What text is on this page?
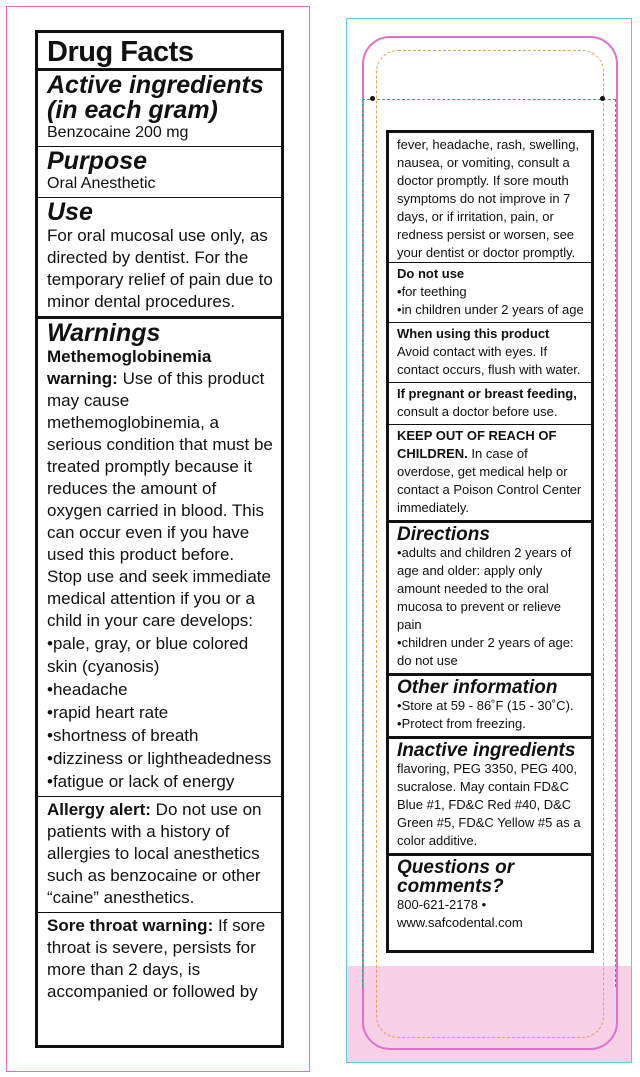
Drug Facts
Active ingredients (in each gram)
Benzocaine 200 mg
Purpose
Oral Anesthetic
Use
For oral mucosal use only, as directed by dentist. For the temporary relief of pain due to minor dental procedures.
Warnings
Methemoglobinemia warning: Use of this product may cause methemoglobinemia, a serious condition that must be treated promptly because it reduces the amount of oxygen carried in blood. This can occur even if you have used this product before. Stop use and seek immediate medical attention if you or a child in your care develops:
• pale, gray, or blue colored skin (cyanosis)
• headache
• rapid heart rate
• shortness of breath
• dizziness or lightheadedness
• fatigue or lack of energy
Allergy alert: Do not use on patients with a history of allergies to local anesthetics such as benzocaine or other “caine” anesthetics.
Sore throat warning: If sore throat is severe, persists for more than 2 days, is accompanied or followed by
fever, headache, rash, swelling, nausea, or vomiting, consult a doctor promptly. If sore mouth symptoms do not improve in 7 days, or if irritation, pain, or redness persist or worsen, see your dentist or doctor promptly.
Do not use
• for teething
• in children under 2 years of age
When using this product
Avoid contact with eyes. If contact occurs, flush with water.
If pregnant or breast feeding, consult a doctor before use.
KEEP OUT OF REACH OF CHILDREN. In case of overdose, get medical help or contact a Poison Control Center immediately.
Directions
• adults and children 2 years of age and older: apply only amount needed to the oral mucosa to prevent or relieve pain
• children under 2 years of age: do not use
Other information
• Store at 59 - 86˚F (15 - 30˚C).
• Protect from freezing.
Inactive ingredients
flavoring, PEG 3350, PEG 400, sucralose. May contain FD&C Blue #1, FD&C Red #40, D&C Green #5, FD&C Yellow #5 as a color additive.
Questions or comments?
800-621-2178 •
www.safcodental.com
